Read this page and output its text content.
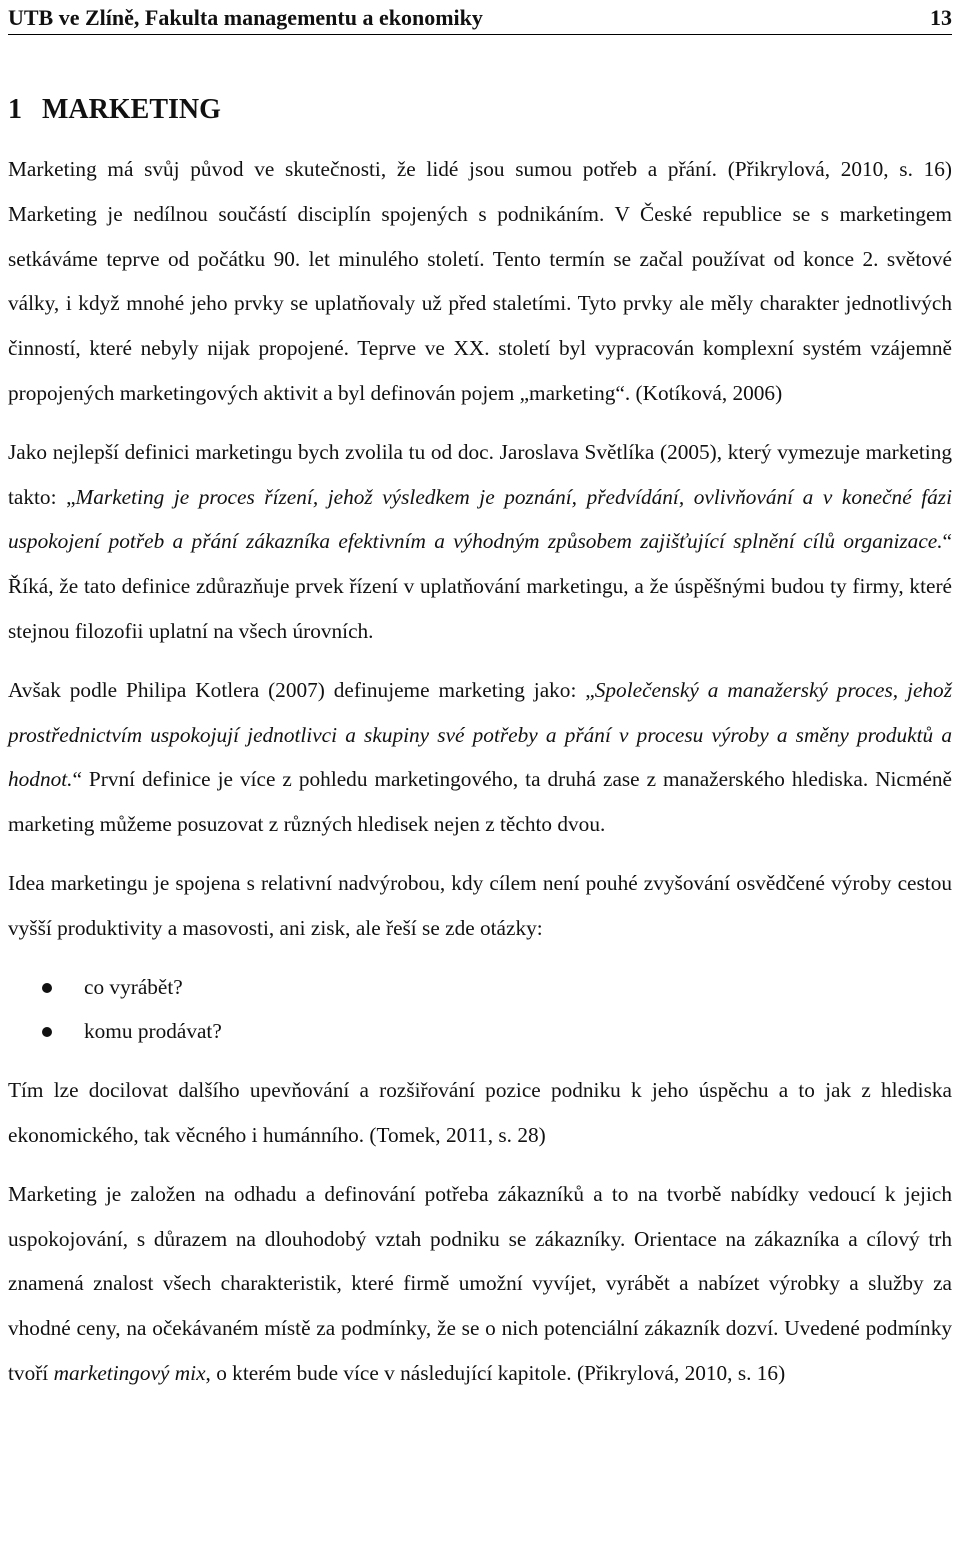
UTB ve Zlíně, Fakulta managementu a ekonomiky	13
1 MARKETING

Marketing má svůj původ ve skutečnosti, že lidé jsou sumou potřeb a přání. (Přikrylová, 2010, s. 16) Marketing je nedílnou součástí disciplín spojených s podnikáním. V České republice se s marketingem setkáváme teprve od počátku 90. let minulého století. Tento termín se začal používat od konce 2. světové války, i když mnohé jeho prvky se uplatňovaly už před staletími. Tyto prvky ale měly charakter jednotlivých činností, které nebyly nijak propojené. Teprve ve XX. století byl vypracován komplexní systém vzájemně propojených marketingových aktivit a byl definován pojem „marketing“. (Kotíková, 2006)

Jako nejlepší definici marketingu bych zvolila tu od doc. Jaroslava Světlíka (2005), který vymezuje marketing takto: „Marketing je proces řízení, jehož výsledkem je poznání, předvídání, ovlivňování a v konečné fázi uspokojení potřeb a přání zákazníka efektivním a výhodným způsobem zajišťující splnění cílů organizace.“ Říká, že tato definice zdůrazňuje prvek řízení v uplatňování marketingu, a že úspěšnými budou ty firmy, které stejnou filozofii uplatní na všech úrovních.

Avšak podle Philipa Kotlera (2007) definujeme marketing jako: „Společenský a manažerský proces, jehož prostřednictvím uspokojují jednotlivci a skupiny své potřeby a přání v procesu výroby a směny produktů a hodnot.“ První definice je více z pohledu marketingového, ta druhá zase z manažerského hlediska. Nicméně marketing můžeme posuzovat z různých hledisek nejen z těchto dvou.

Idea marketingu je spojena s relativní nadvýrobou, kdy cílem není pouhé zvyšování osvědčené výroby cestou vyšší produktivity a masovosti, ani zisk, ale řeší se zde otázky:

co vyrábět?
komu prodávat?

Tím lze docilovat dalšího upevňování a rozšiřování pozice podniku k jeho úspěchu a to jak z hlediska ekonomického, tak věcného i humánního. (Tomek, 2011, s. 28)

Marketing je založen na odhadu a definování potřeba zákazníků a to na tvorbě nabídky vedoucí k jejich uspokojování, s důrazem na dlouhodobý vztah podniku se zákazníky. Orientace na zákazníka a cílový trh znamená znalost všech charakteristik, které firmě umožní vyvíjet, vyrábět a nabízet výrobky a služby za vhodné ceny, na očekávaném místě za podmínky, že se o nich potenciální zákazník dozví. Uvedené podmínky tvoří marketingový mix, o kterém bude více v následující kapitole. (Přikrylová, 2010, s. 16)
